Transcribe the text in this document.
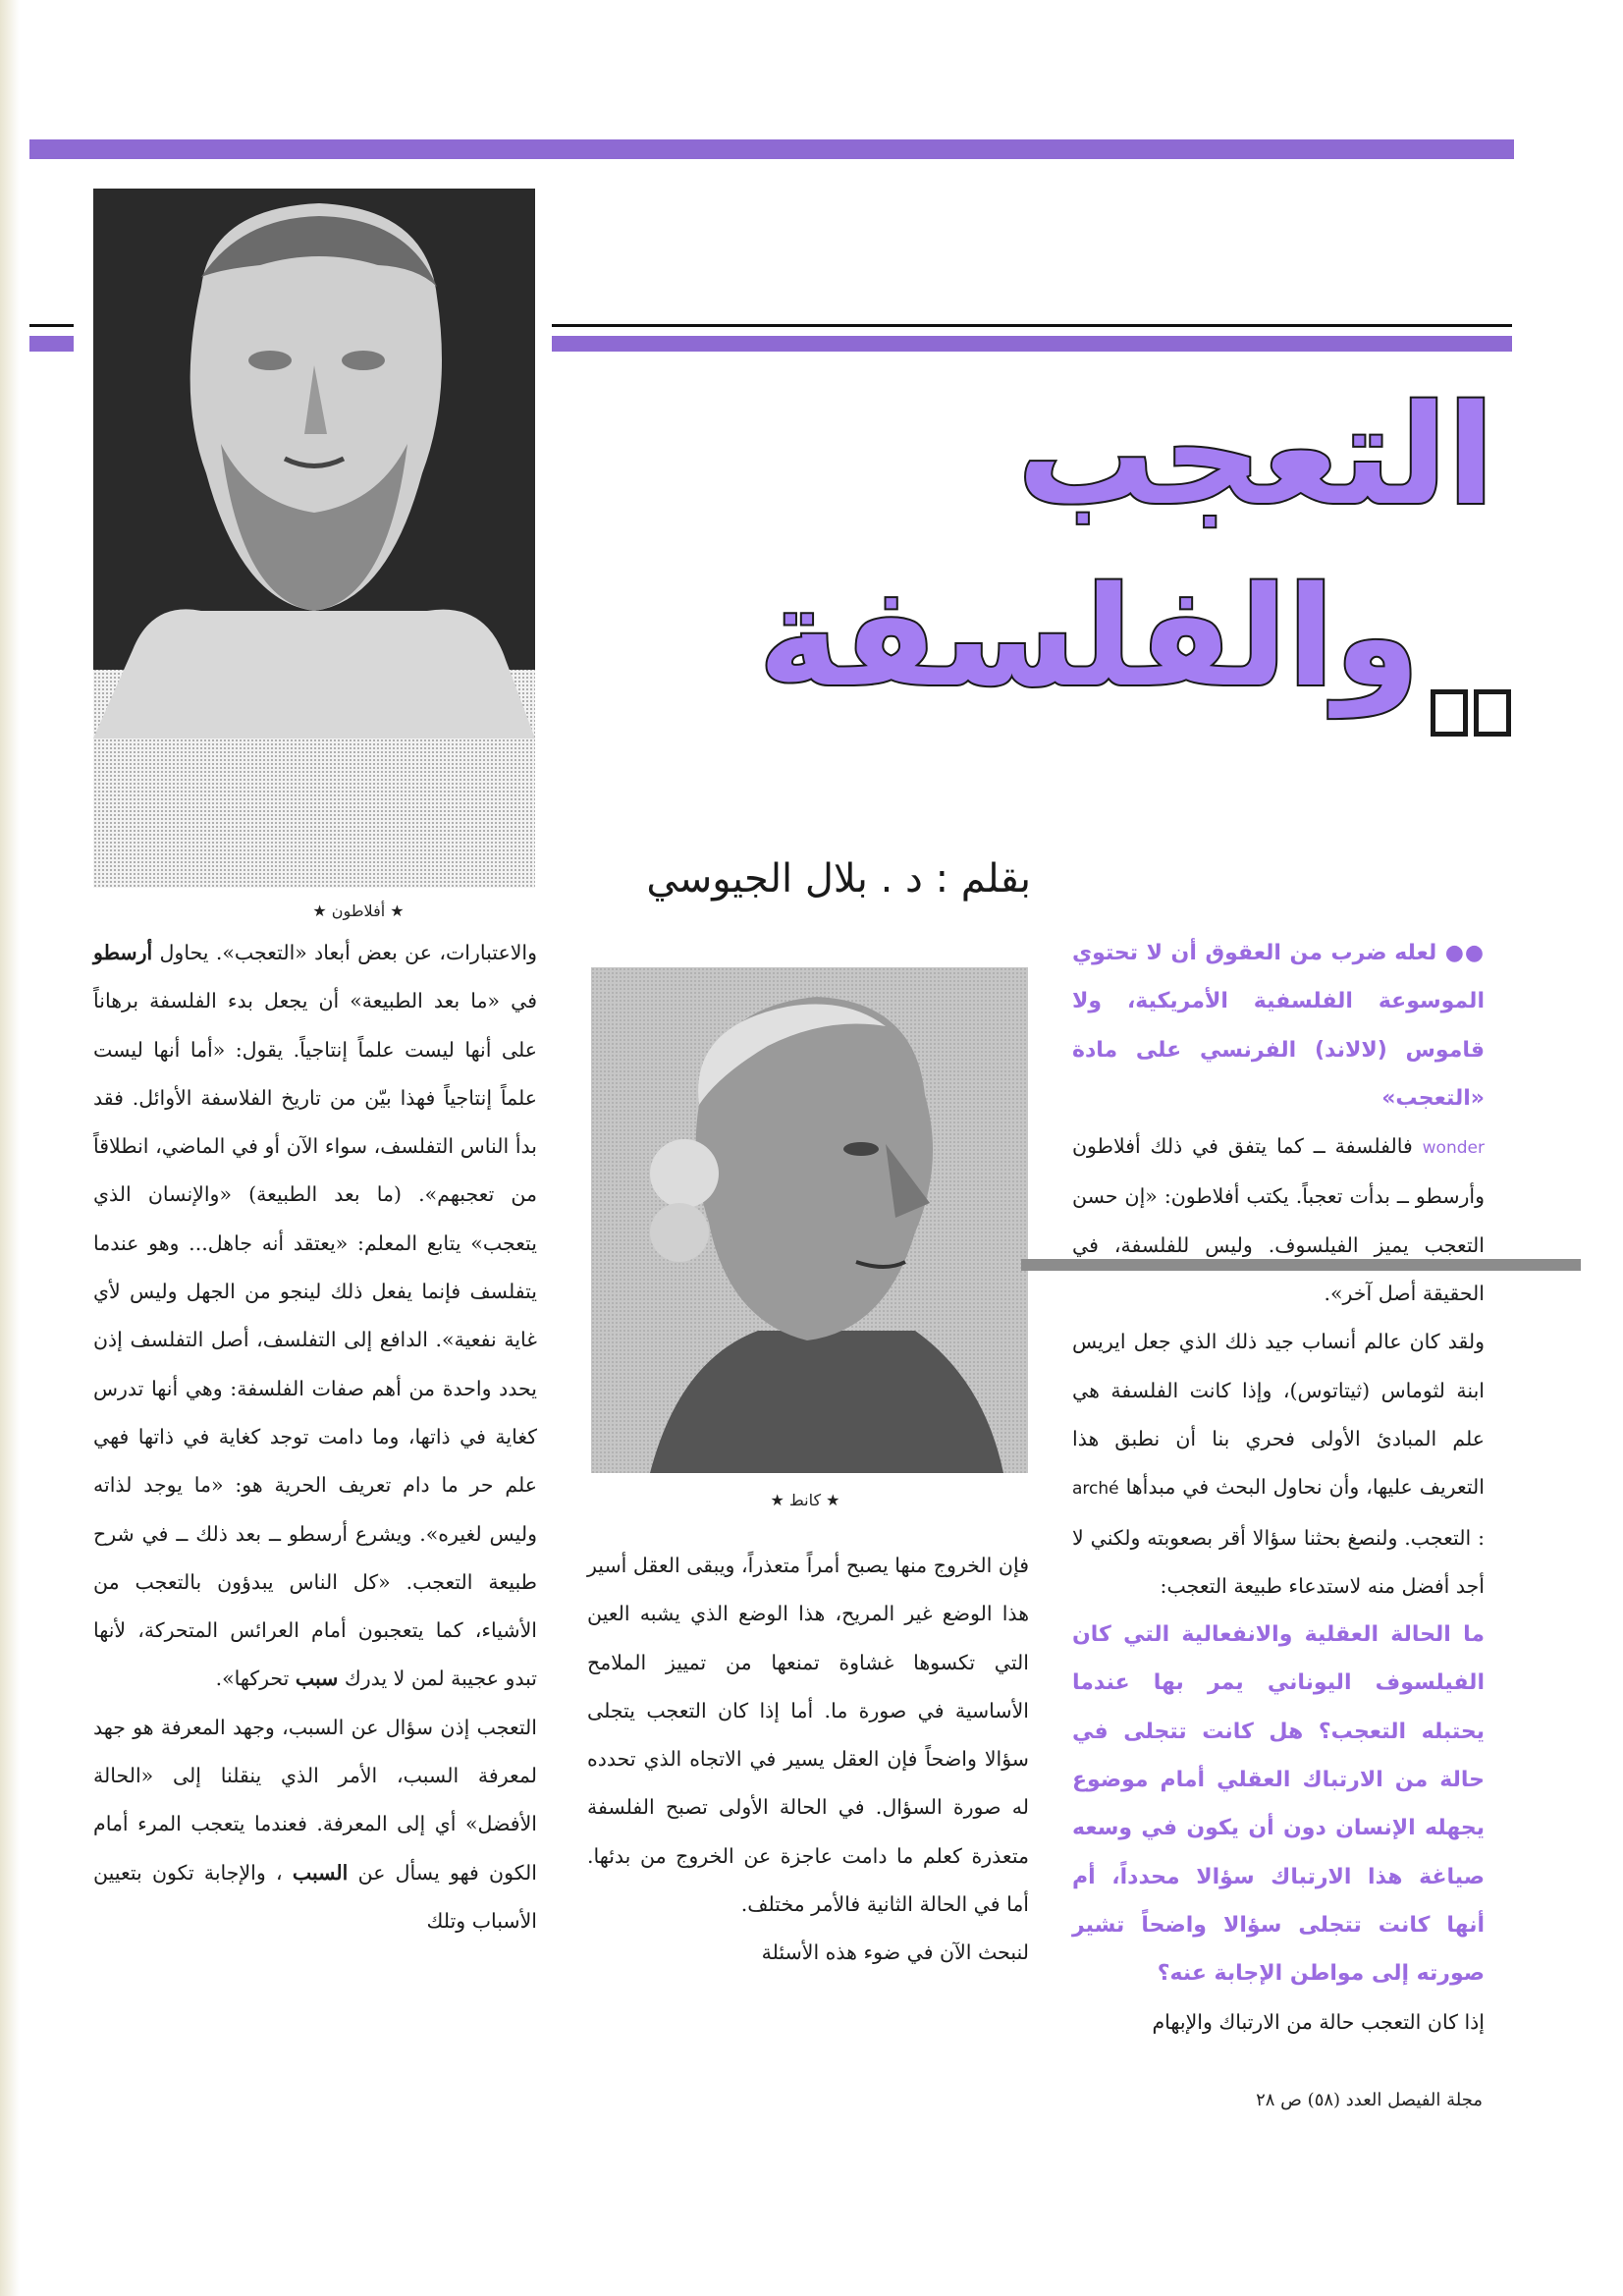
★ أفلاطون ★
التعجب
والفلسفة
بقلم : د . بلال الجيوسي
★ كانط ★

●● لعله ضرب من العقوق أن لا تحتوي الموسوعة الفلسفية الأمريكية، ولا قاموس (لالاند) الفرنسي على مادة «التعجب»

wonder فالفلسفة ــ كما يتفق في ذلك أفلاطون وأرسطو ــ بدأت تعجباً. يكتب أفلاطون: «إن حسن التعجب يميز الفيلسوف. وليس للفلسفة، في الحقيقة أصل آخر».

ولقد كان عالم أنساب جيد ذلك الذي جعل ايريس ابنة لثوماس (ثيتاتوس)، وإذا كانت الفلسفة هي علم المبادئ الأولى فحري بنا أن نطبق هذا التعريف عليها، وأن نحاول البحث في مبدأها arché : التعجب. ولنصغ بحثنا سؤالا أقر بصعوبته ولكني لا أجد أفضل منه لاستدعاء طبيعة التعجب:

ما الحالة العقلية والانفعالية التي كان الفيلسوف اليوناني يمر بها عندما يحتبله التعجب؟ هل كانت تتجلى في حالة من الارتباك العقلي أمام موضوع يجهله الإنسان دون أن يكون في وسعه صياغة هذا الارتباك سؤالا محدداً، أم أنها كانت تتجلى سؤالا واضحاً تشير صورته إلى مواطن الإجابة عنه؟

إذا كان التعجب حالة من الارتباك والإبهام

فإن الخروج منها يصبح أمراً متعذراً، ويبقى العقل أسير هذا الوضع غير المريح، هذا الوضع الذي يشبه العين التي تكسوها غشاوة تمنعها من تمييز الملامح الأساسية في صورة ما. أما إذا كان التعجب يتجلى سؤالا واضحاً فإن العقل يسير في الاتجاه الذي تحدده له صورة السؤال. في الحالة الأولى تصبح الفلسفة متعذرة كعلم ما دامت عاجزة عن الخروج من بدئها. أما في الحالة الثانية فالأمر مختلف.

لنبحث الآن في ضوء هذه الأسئلة

والاعتبارات، عن بعض أبعاد «التعجب». يحاول أرسطو في «ما بعد الطبيعة» أن يجعل بدء الفلسفة برهاناً على أنها ليست علماً إنتاجياً. يقول: «أما أنها ليست علماً إنتاجياً فهذا بيّن من تاريخ الفلاسفة الأوائل. فقد بدأ الناس التفلسف، سواء الآن أو في الماضي، انطلاقاً من تعجبهم». (ما بعد الطبيعة) «والإنسان الذي يتعجب» يتابع المعلم: «يعتقد أنه جاهل... وهو عندما يتفلسف فإنما يفعل ذلك لينجو من الجهل وليس لأي غاية نفعية». الدافع إلى التفلسف، أصل التفلسف إذن يحدد واحدة من أهم صفات الفلسفة: وهي أنها تدرس كغاية في ذاتها، وما دامت توجد كغاية في ذاتها فهي علم حر ما دام تعريف الحرية هو: «ما يوجد لذاته وليس لغيره». ويشرع أرسطو ــ بعد ذلك ــ في شرح طبيعة التعجب. «كل الناس يبدؤون بالتعجب من الأشياء، كما يتعجبون أمام العرائس المتحركة، لأنها تبدو عجيبة لمن لا يدرك سبب تحركها».

التعجب إذن سؤال عن السبب، وجهد المعرفة هو جهد لمعرفة السبب، الأمر الذي ينقلنا إلى «الحالة الأفضل» أي إلى المعرفة. فعندما يتعجب المرء أمام الكون فهو يسأل عن السبب ، والإجابة تكون بتعيين الأسباب وتلك

مجلة الفيصل العدد (٥٨) ص ٢٨
